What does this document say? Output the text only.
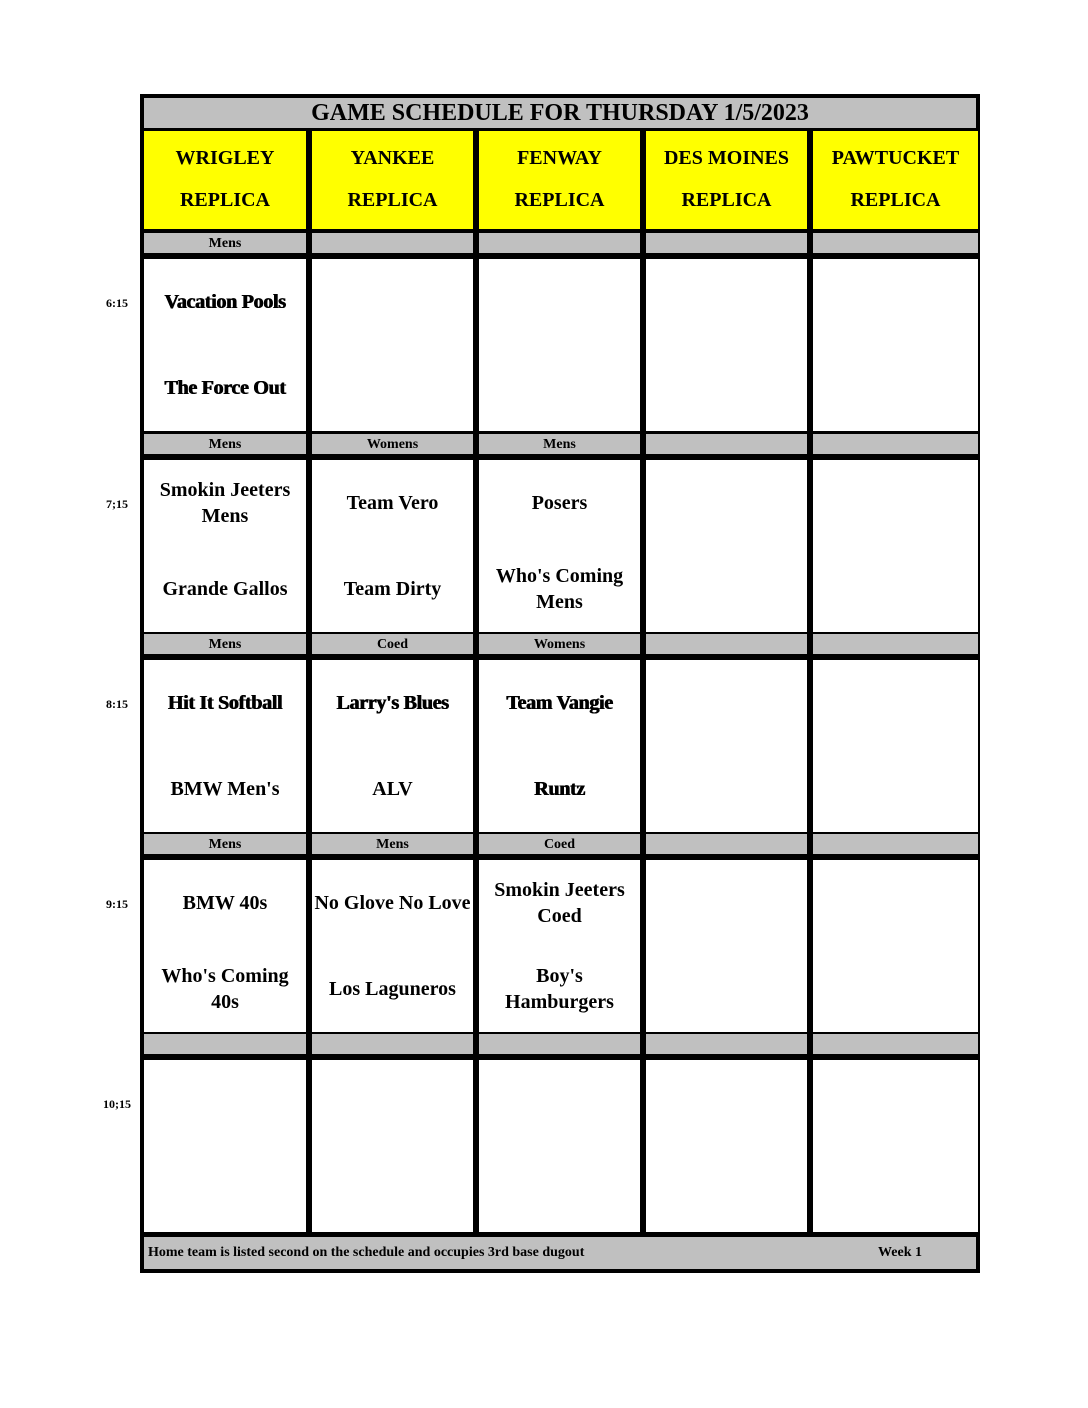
GAME SCHEDULE FOR THURSDAY 1/5/2023
WRIGLEY
REPLICA
YANKEE
REPLICA
FENWAY
REPLICA
DES MOINES
REPLICA
PAWTUCKET
REPLICA
Mens
Vacation Pools
The Force Out
Mens
Smokin Jeeters
Mens
Grande Gallos
Womens
Team Vero
Team Dirty
Mens
Posers
Who's Coming
Mens
Mens
Hit It Softball
BMW Men's
Coed
Larry's Blues
ALV
Womens
Team Vangie
Runtz
Mens
BMW 40s
Who's Coming
40s
Mens
No Glove No Love
Los Laguneros
Coed
Smokin Jeeters
Coed
Boy's
Hamburgers
Home team is listed second on the schedule and occupies 3rd base dugout	Week 1
6:15
7;15
8:15
9:15
10;15
